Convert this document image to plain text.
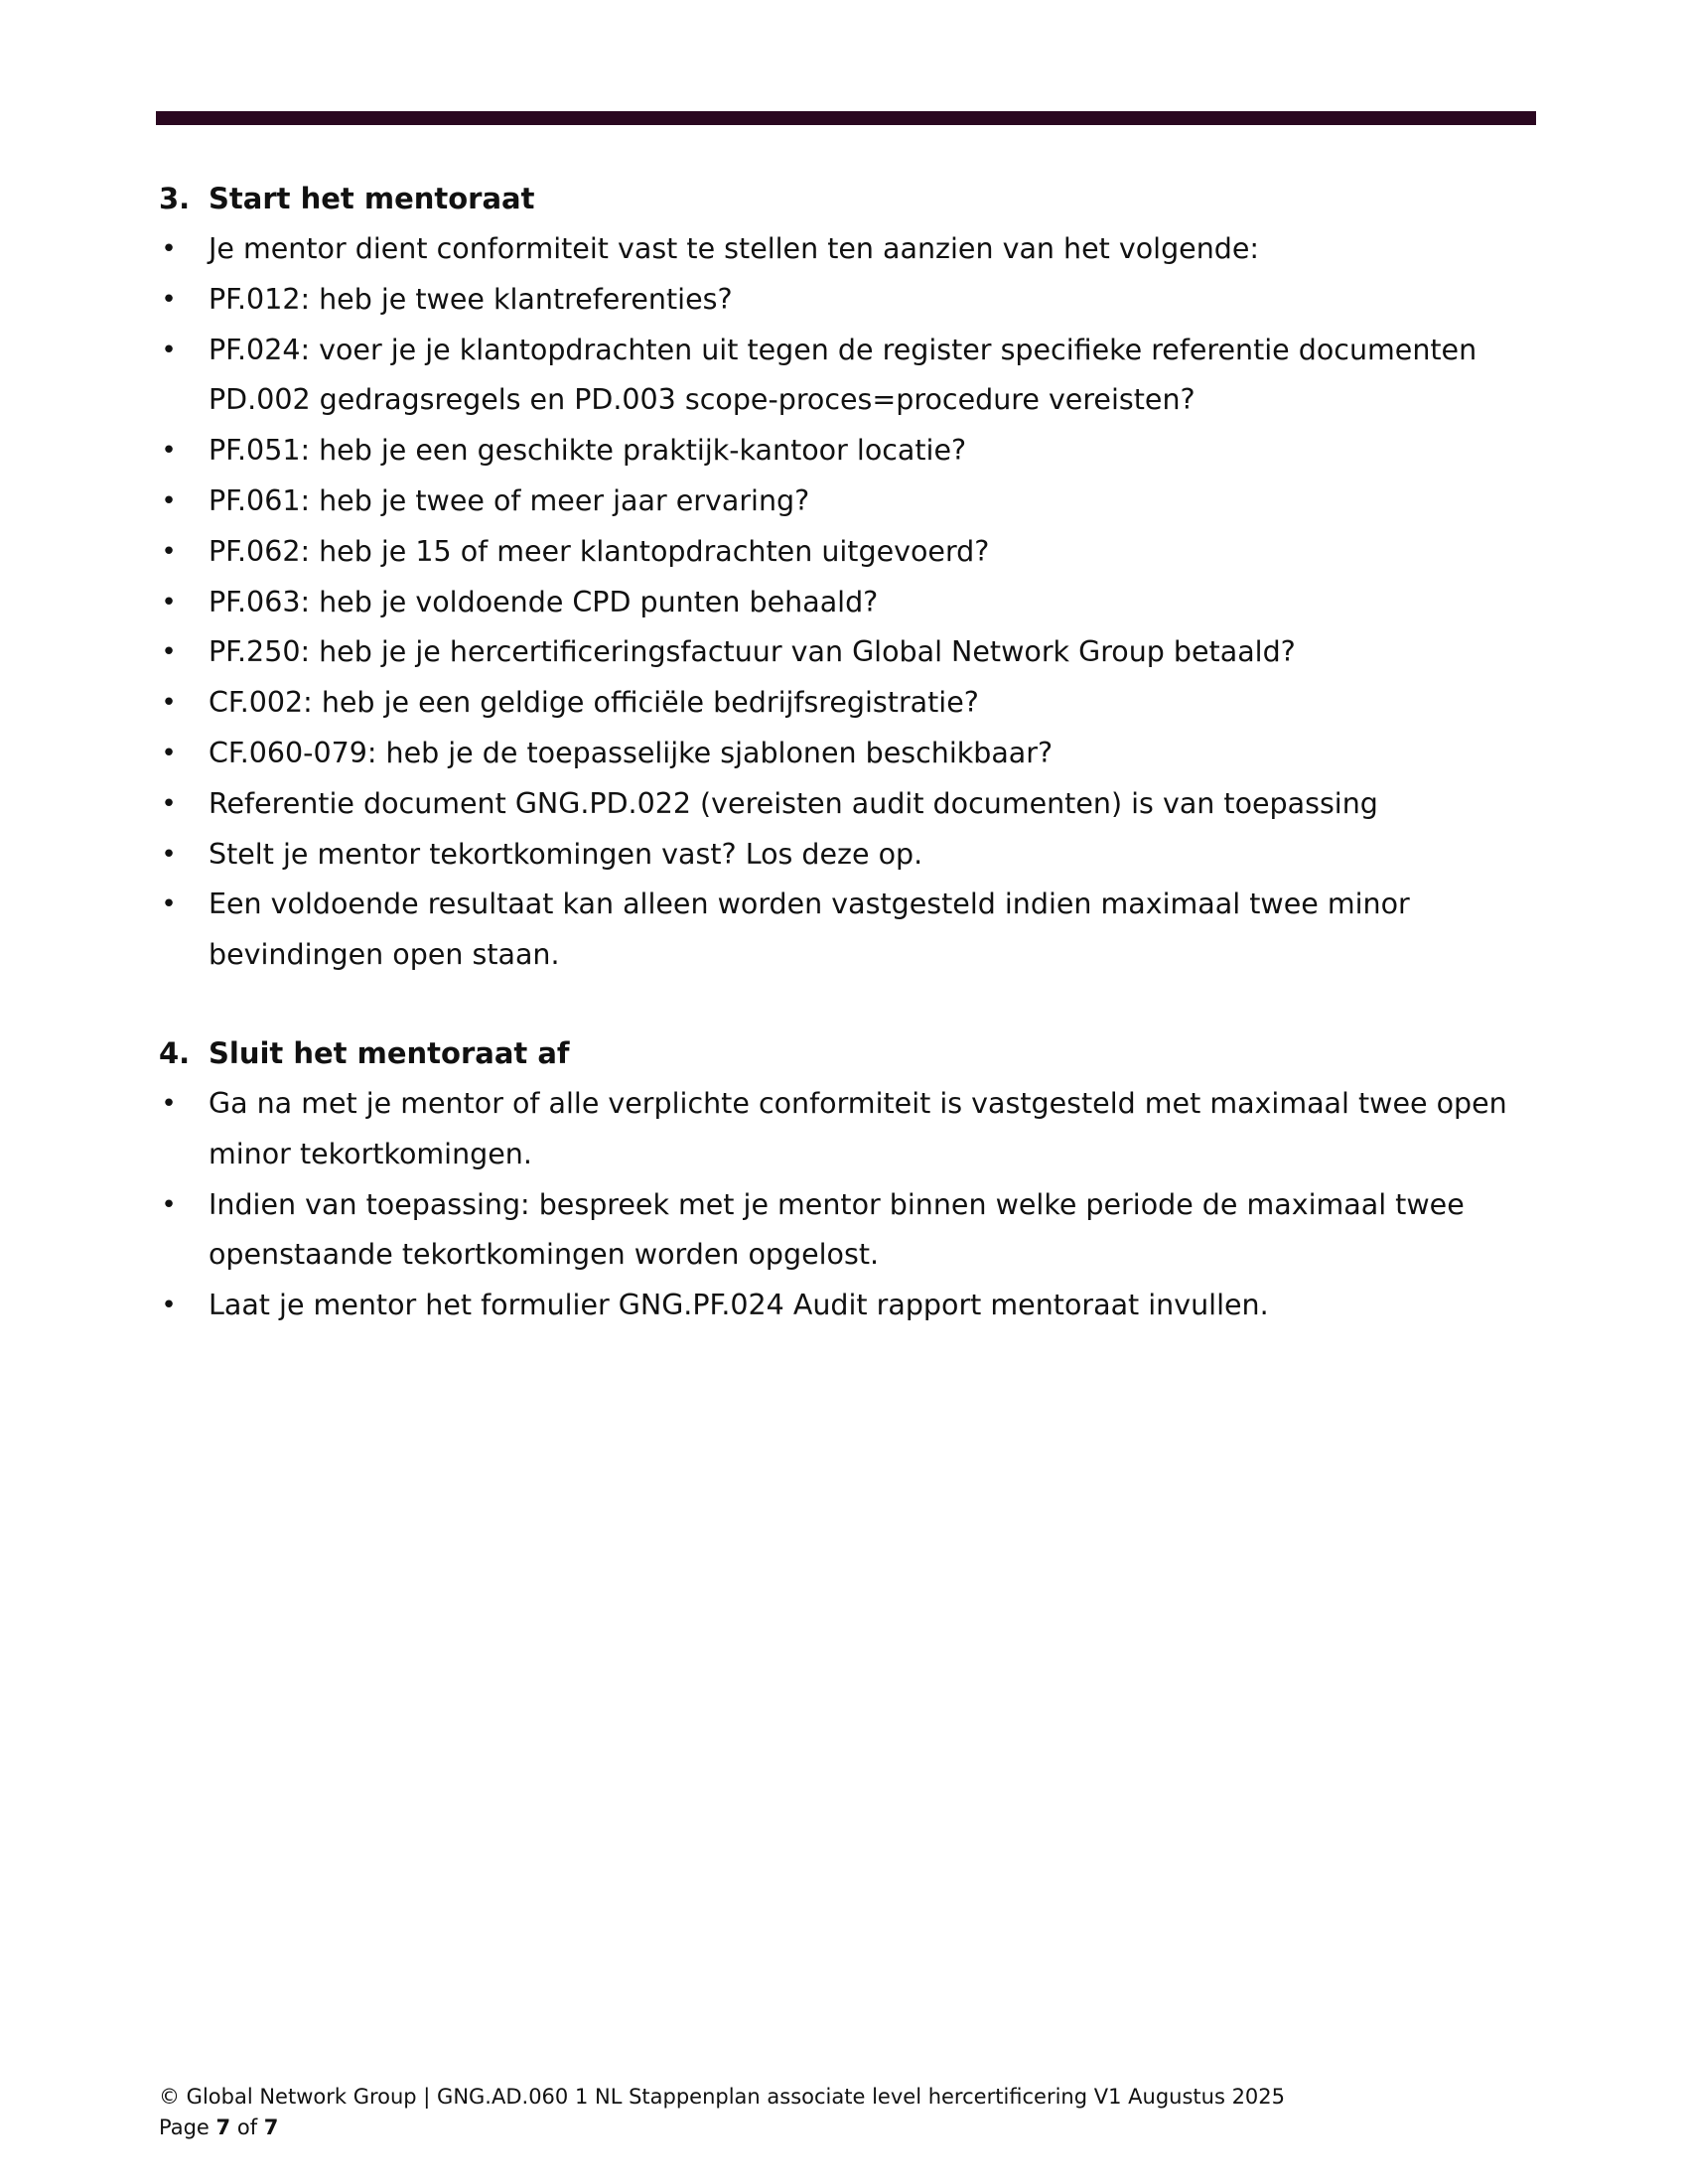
3. Start het mentoraat
• Je mentor dient conformiteit vast te stellen ten aanzien van het volgende:
• PF.012: heb je twee klantreferenties?
• PF.024: voer je je klantopdrachten uit tegen de register specifieke referentie documenten PD.002 gedragsregels en PD.003 scope-proces=procedure vereisten?
• PF.051: heb je een geschikte praktijk-kantoor locatie?
• PF.061: heb je twee of meer jaar ervaring?
• PF.062: heb je 15 of meer klantopdrachten uitgevoerd?
• PF.063: heb je voldoende CPD punten behaald?
• PF.250: heb je je hercertificeringsfactuur van Global Network Group betaald?
• CF.002: heb je een geldige officiële bedrijfsregistratie?
• CF.060-079: heb je de toepasselijke sjablonen beschikbaar?
• Referentie document GNG.PD.022 (vereisten audit documenten) is van toepassing
• Stelt je mentor tekortkomingen vast? Los deze op.
• Een voldoende resultaat kan alleen worden vastgesteld indien maximaal twee minor bevindingen open staan.
4. Sluit het mentoraat af
• Ga na met je mentor of alle verplichte conformiteit is vastgesteld met maximaal twee open minor tekortkomingen.
• Indien van toepassing: bespreek met je mentor binnen welke periode de maximaal twee openstaande tekortkomingen worden opgelost.
• Laat je mentor het formulier GNG.PF.024 Audit rapport mentoraat invullen.
© Global Network Group | GNG.AD.060 1 NL Stappenplan associate level hercertificering V1 Augustus 2025
Page 7 of 7
